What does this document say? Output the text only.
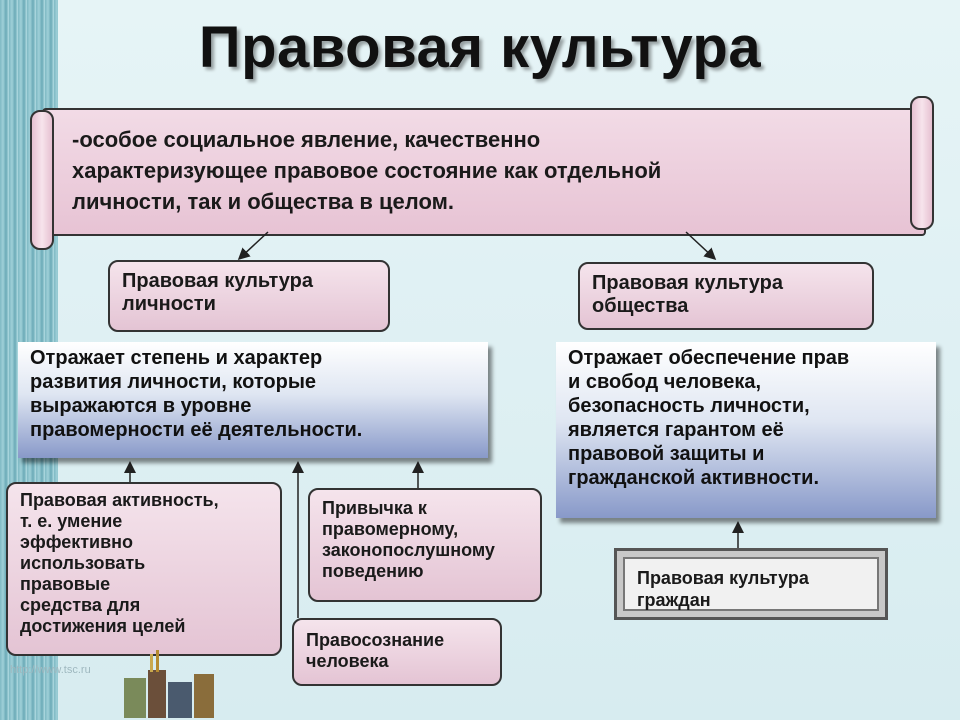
Правовая культура
-особое социальное явление, качественно
характеризующее правовое состояние как отдельной
личности, так и общества в целом.
Правовая культура
личности
Правовая культура
общества
Отражает степень и характер
развития личности, которые
выражаются в уровне
правомерности её деятельности.
Отражает обеспечение прав
и свобод человека,
безопасность личности,
является гарантом её
правовой защиты и
гражданской активности.
Правовая активность,
т. е. умение
эффективно
использовать
правовые
средства для
достижения целей
Привычка к
правомерному,
законопослушному
поведению
Правосознание
человека
Правовая культура
граждан
http://www.tsc.ru
